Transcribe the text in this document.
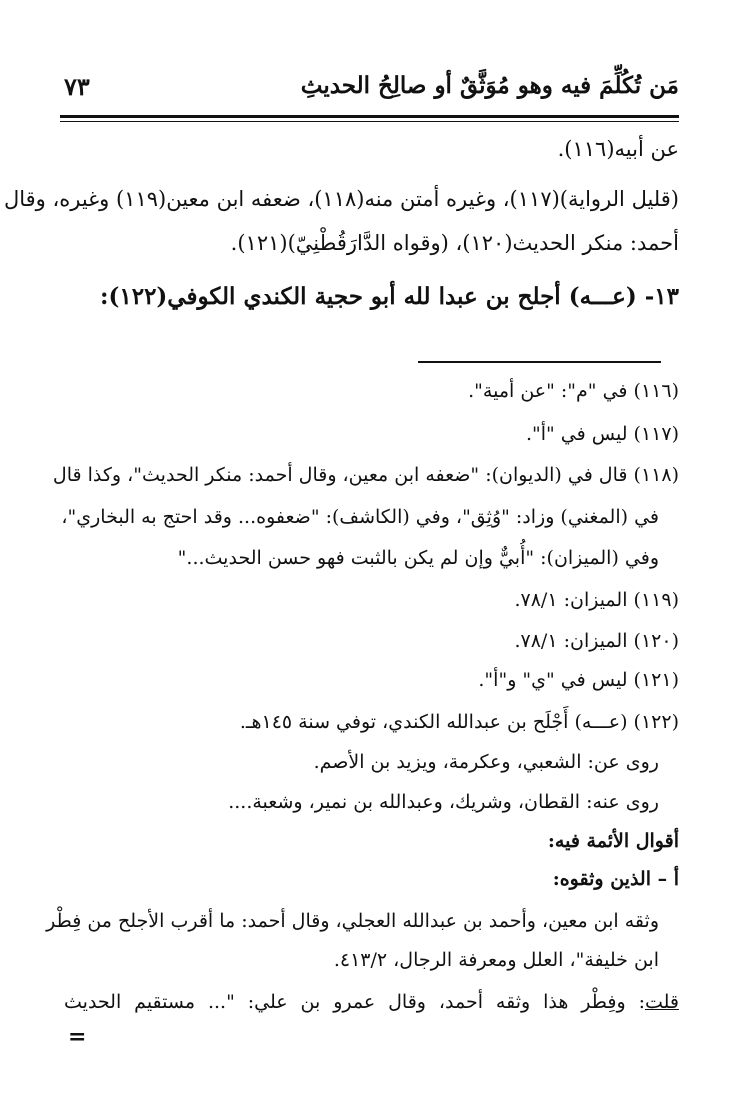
مَن تُكُلِّمَ فيه وهو مُوَثَّقٌ أو صالِحُ الحديثِ
٧٣
عن أبيه(١١٦).
(قليل الرواية)(١١٧)، وغيره أمتن منه(١١٨)، ضعفه ابن معين(١١٩) وغيره، وقال
أحمد: منكر الحديث(١٢٠)، (وقواه الدَّارَقُطْنِيّ)(١٢١).
١٣- (عـــه) أجلح بن عبدا لله أبو حجية الكندي الكوفي(١٢٢):
(١١٦) في "م": "عن أمية".
(١١٧) ليس في "أ".
(١١٨) قال في (الديوان): "ضعفه ابن معين، وقال أحمد: منكر الحديث"، وكذا قال
في (المغني) وزاد: "وُثِق"، وفي (الكاشف): "ضعفوه... وقد احتج به البخاري"،
وفي (الميزان): "أُبيٌّ وإن لم يكن بالثبت فهو حسن الحديث..."
(١١٩) الميزان: ٧٨/١.
(١٢٠) الميزان: ٧٨/١.
(١٢١) ليس في "ي" و"أ".
(١٢٢) (عـــه) أَجْلَح بن عبدالله الكندي، توفي سنة ١٤٥هـ.
روى عن: الشعبي، وعكرمة، ويزيد بن الأصم.
روى عنه: القطان، وشريك، وعبدالله بن نمير، وشعبة....
أقوال الأئمة فيه:
أ – الذين وثقوه:
وثقه ابن معين، وأحمد بن عبدالله العجلي، وقال أحمد: ما أقرب الأجلح من فِطْر
ابن خليفة"، العلل ومعرفة الرجال، ٤١٣/٢.
قلت: وفِطْر هذا وثقه أحمد، وقال عمرو بن علي: "... مستقيم الحديث
=
